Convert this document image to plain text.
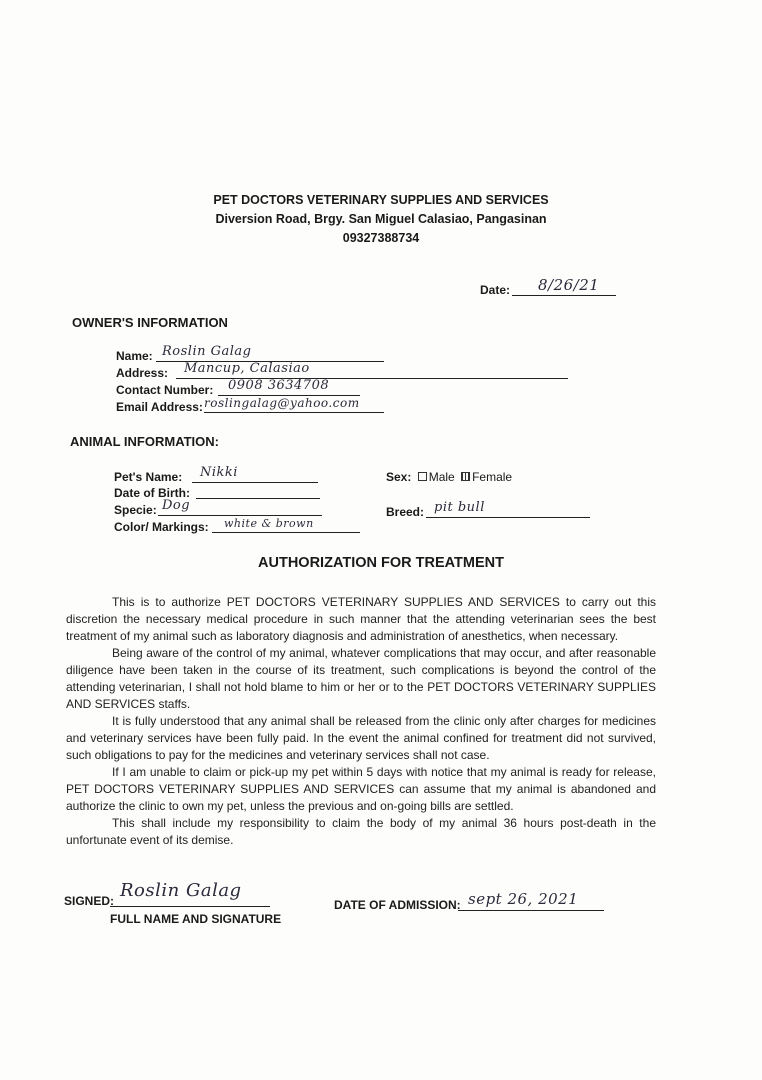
PET DOCTORS VETERINARY SUPPLIES AND SERVICES
Diversion Road, Brgy. San Miguel Calasiao, Pangasinan
09327388734
Date: 8/26/21
OWNER'S INFORMATION
Name: Roslin Galag
Address: Mancup, Calasiao
Contact Number: 0908 3634708
Email Address: roslingalag@yahoo.com
ANIMAL INFORMATION:
Pet's Name: Nikki
Date of Birth:
Specie: Dog
Color/ Markings: white & brown
Sex: Male Female
Breed: pit bull
AUTHORIZATION FOR TREATMENT

This is to authorize PET DOCTORS VETERINARY SUPPLIES AND SERVICES to carry out this discretion the necessary medical procedure in such manner that the attending veterinarian sees the best treatment of my animal such as laboratory diagnosis and administration of anesthetics, when necessary.

Being aware of the control of my animal, whatever complications that may occur, and after reasonable diligence have been taken in the course of its treatment, such complications is beyond the control of the attending veterinarian, I shall not hold blame to him or her or to the PET DOCTORS VETERINARY SUPPLIES AND SERVICES staffs.

It is fully understood that any animal shall be released from the clinic only after charges for medicines and veterinary services have been fully paid. In the event the animal confined for treatment did not survived, such obligations to pay for the medicines and veterinary services shall not case.

If I am unable to claim or pick-up my pet within 5 days with notice that my animal is ready for release, PET DOCTORS VETERINARY SUPPLIES AND SERVICES can assume that my animal is abandoned and authorize the clinic to own my pet, unless the previous and on-going bills are settled.

This shall include my responsibility to claim the body of my animal 36 hours post-death in the unfortunate event of its demise.

SIGNED: Roslin Galag
FULL NAME AND SIGNATURE
DATE OF ADMISSION: sept 26, 2021
